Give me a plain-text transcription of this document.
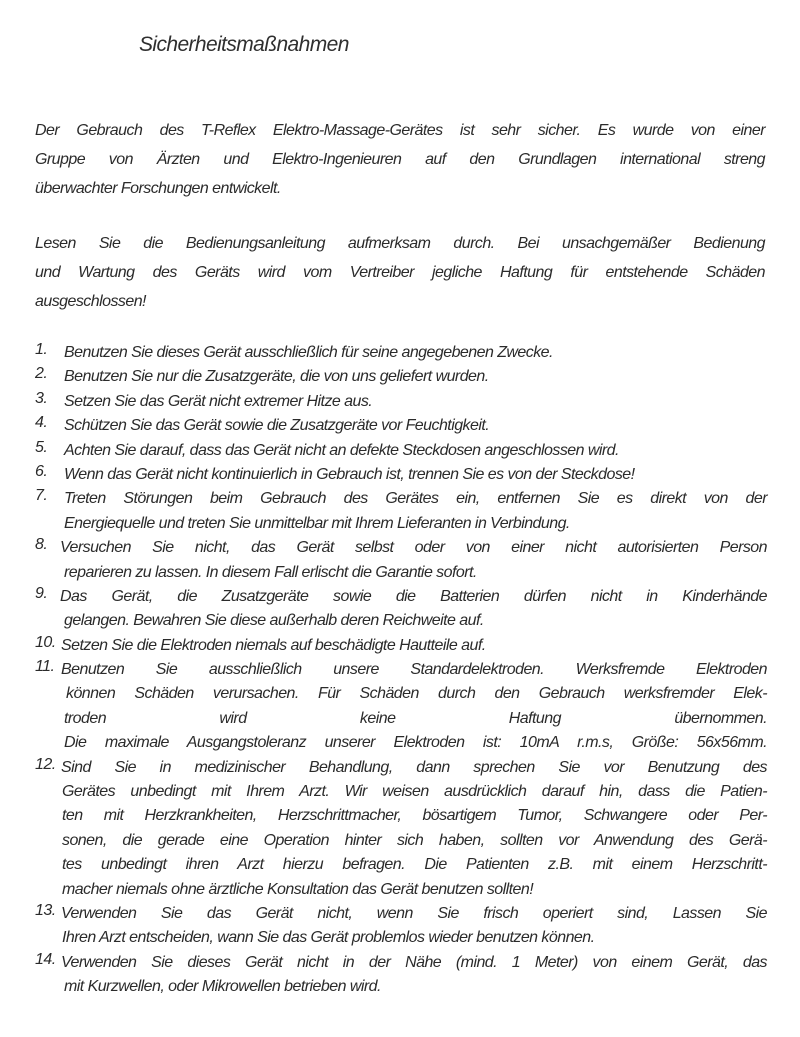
Sicherheitsmaßnahmen
Der Gebrauch des T-Reflex Elektro-Massage-Gerätes ist sehr sicher. Es wurde von einer
Gruppe von Ärzten und Elektro-Ingenieuren auf den Grundlagen international streng
überwachter Forschungen entwickelt.
Lesen Sie die Bedienungsanleitung aufmerksam durch. Bei unsachgemäßer Bedienung
und Wartung des Geräts wird vom Vertreiber jegliche Haftung für entstehende Schäden
ausgeschlossen!
1.	Benutzen Sie dieses Gerät ausschließlich für seine angegebenen Zwecke.
2.	Benutzen Sie nur die Zusatzgeräte, die von uns geliefert wurden.
3.	Setzen Sie das Gerät nicht extremer Hitze aus.
4.	Schützen Sie das Gerät sowie die Zusatzgeräte vor Feuchtigkeit.
5.	Achten Sie darauf, dass das Gerät nicht an defekte Steckdosen angeschlossen wird.
6.	Wenn das Gerät nicht kontinuierlich in Gebrauch ist, trennen Sie es von der Steckdose!
7.	Treten Störungen beim Gebrauch des Gerätes ein, entfernen Sie es direkt von der
Energiequelle und treten Sie unmittelbar mit Ihrem Lieferanten in Verbindung.
8. Versuchen Sie nicht, das Gerät selbst oder von einer nicht autorisierten Person
reparieren zu lassen. In diesem Fall erlischt die Garantie sofort.
9. Das Gerät, die Zusatzgeräte sowie die Batterien dürfen nicht in Kinderhände
gelangen. Bewahren Sie diese außerhalb deren Reichweite auf.
10. Setzen Sie die Elektroden niemals auf beschädigte Hautteile auf.
11. Benutzen Sie ausschließlich unsere Standardelektroden. Werksfremde Elektroden
können Schäden verursachen. Für Schäden durch den Gebrauch werksfremder Elek-
troden wird keine Haftung übernommen.
Die maximale Ausgangstoleranz unserer Elektroden ist: 10mA r.m.s, Größe: 56x56mm.
12. Sind Sie in medizinischer Behandlung, dann sprechen Sie vor Benutzung des
Gerätes unbedingt mit Ihrem Arzt. Wir weisen ausdrücklich darauf hin, dass die Patien-
ten mit Herzkrankheiten, Herzschrittmacher, bösartigem Tumor, Schwangere oder Per-
sonen, die gerade eine Operation hinter sich haben, sollten vor Anwendung des Gerä-
tes unbedingt ihren Arzt hierzu befragen. Die Patienten z.B. mit einem Herzschritt-
macher niemals ohne ärztliche Konsultation das Gerät benutzen sollten!
13. Verwenden Sie das Gerät nicht, wenn Sie frisch operiert sind, Lassen Sie
Ihren Arzt entscheiden, wann Sie das Gerät problemlos wieder benutzen können.
14. Verwenden Sie dieses Gerät nicht in der Nähe (mind. 1 Meter) von einem Gerät, das
mit Kurzwellen, oder Mikrowellen betrieben wird.
